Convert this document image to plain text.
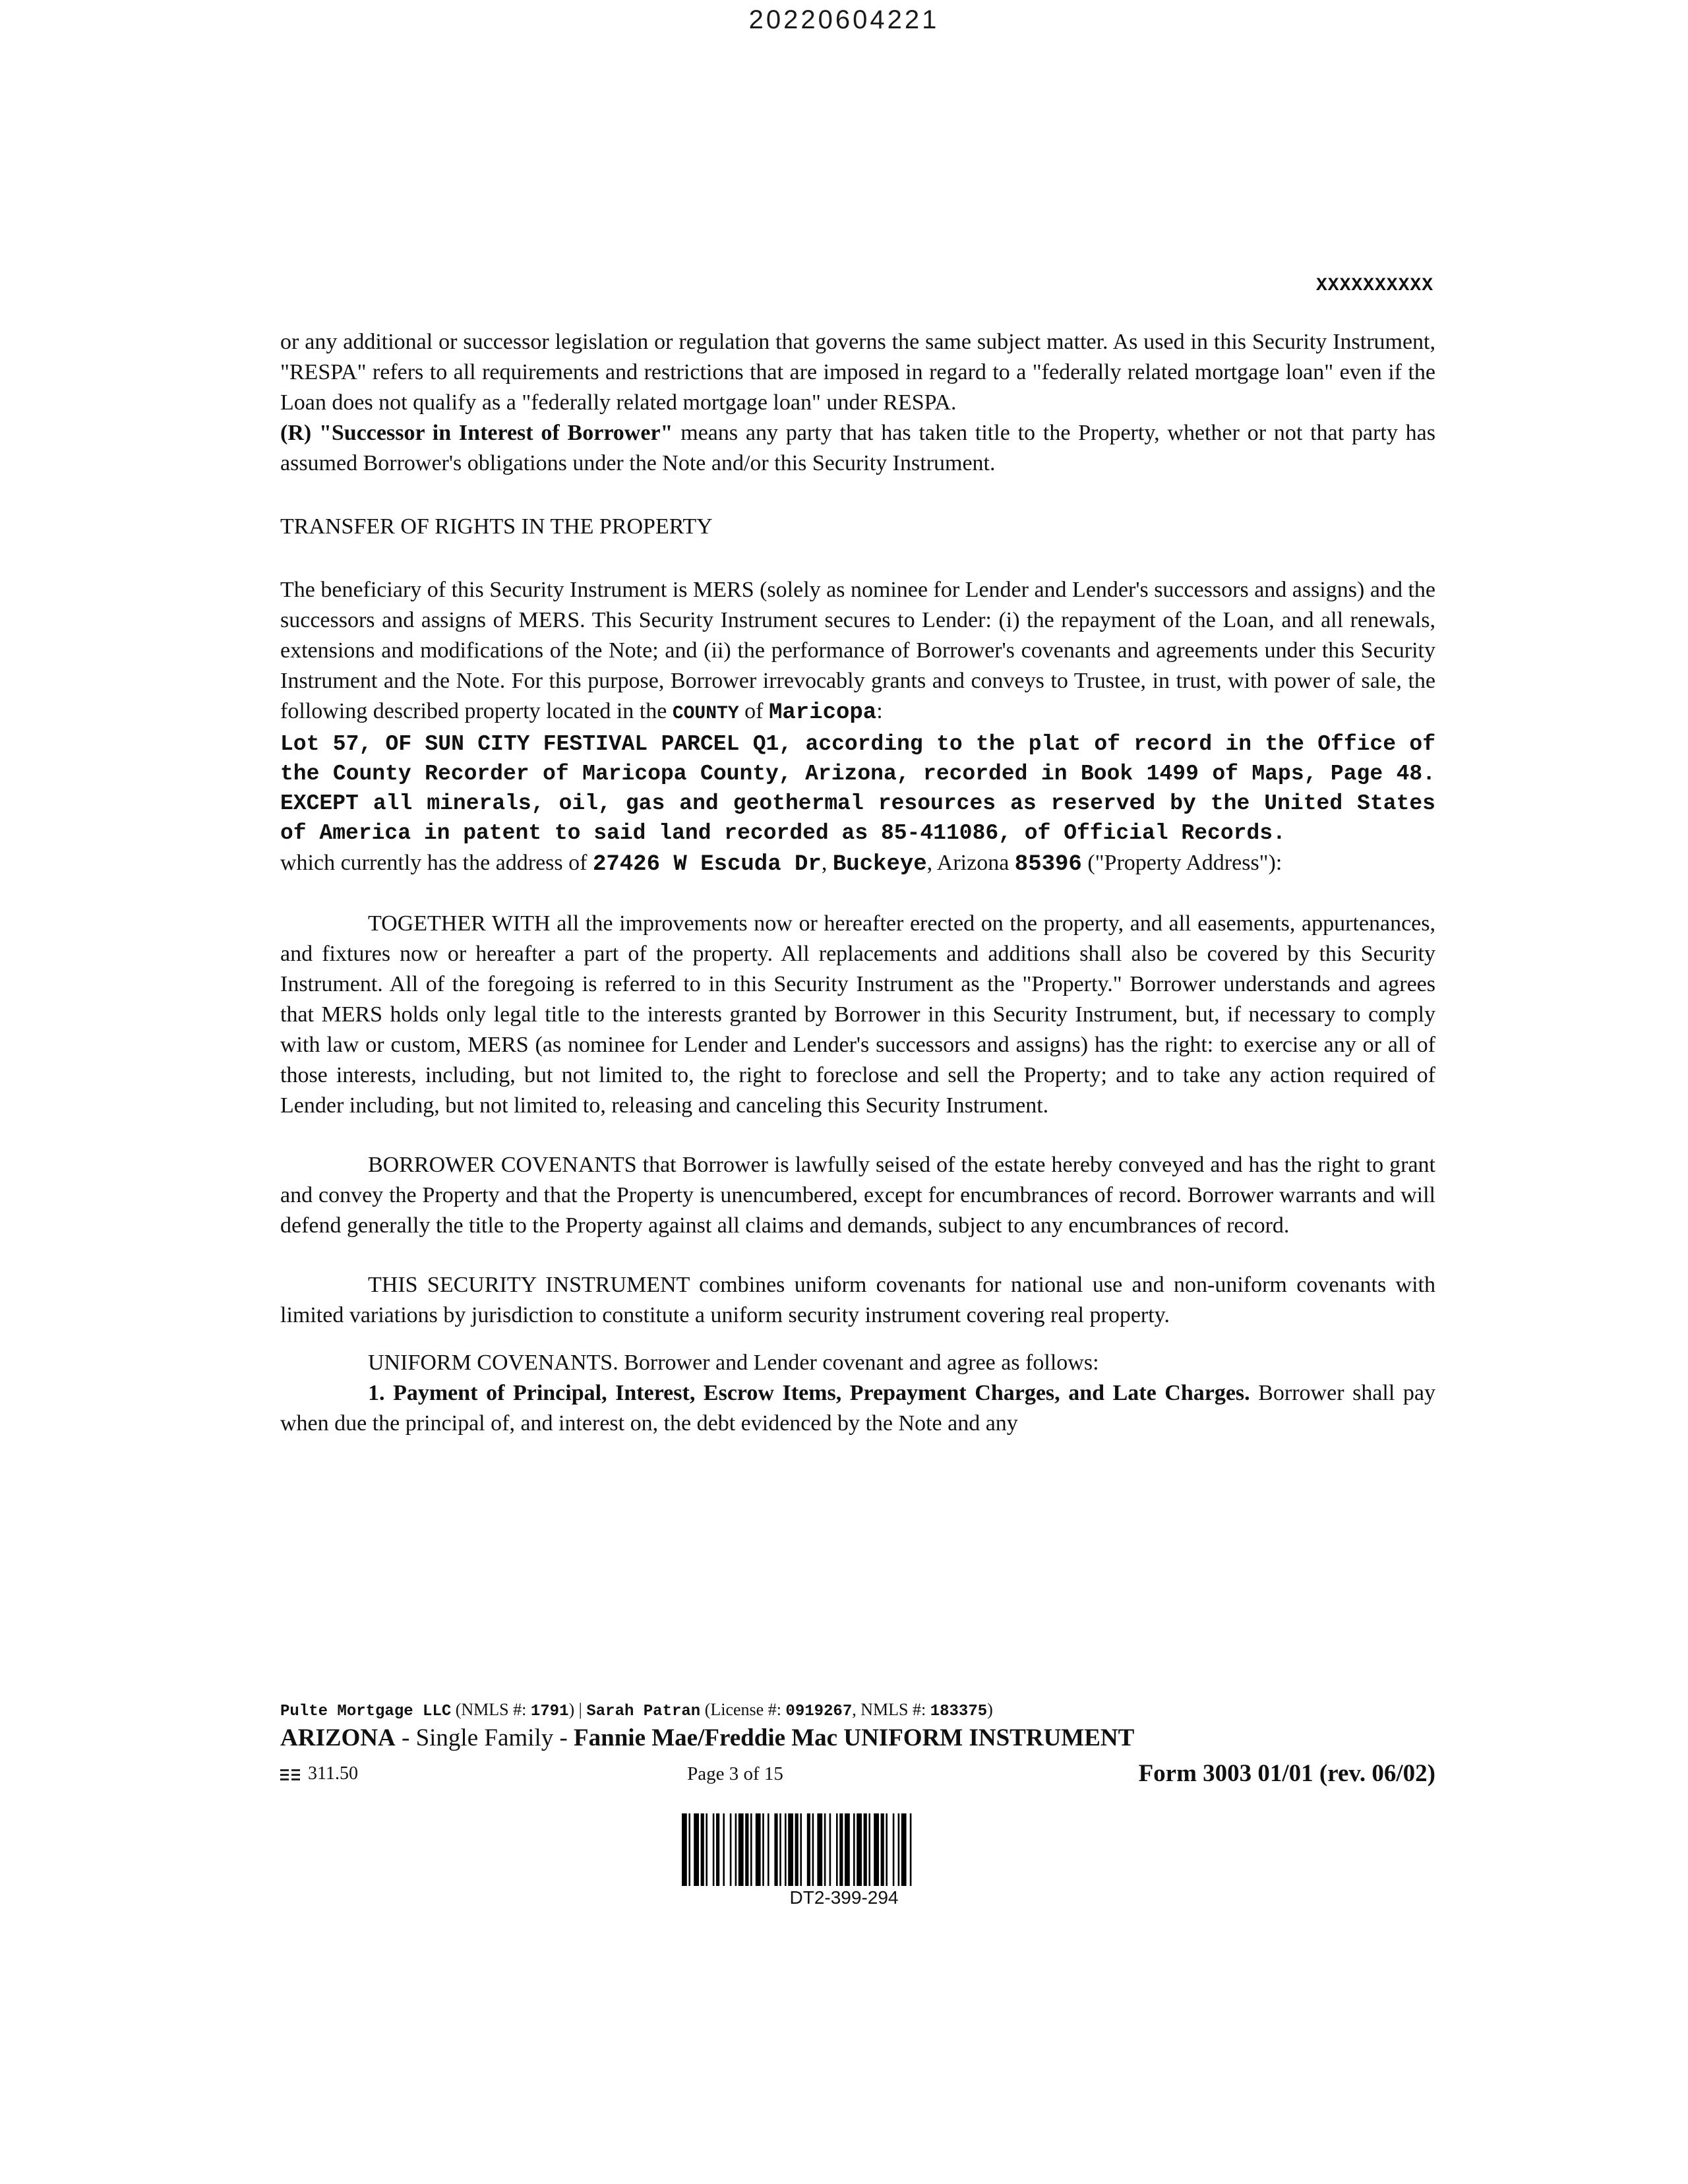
20220604221
XXXXXXXXXX

or any additional or successor legislation or regulation that governs the same subject matter. As used in this Security Instrument, "RESPA" refers to all requirements and restrictions that are imposed in regard to a "federally related mortgage loan" even if the Loan does not qualify as a "federally related mortgage loan" under RESPA.

(R) "Successor in Interest of Borrower" means any party that has taken title to the Property, whether or not that party has assumed Borrower's obligations under the Note and/or this Security Instrument.

TRANSFER OF RIGHTS IN THE PROPERTY

The beneficiary of this Security Instrument is MERS (solely as nominee for Lender and Lender's successors and assigns) and the successors and assigns of MERS. This Security Instrument secures to Lender: (i) the repayment of the Loan, and all renewals, extensions and modifications of the Note; and (ii) the performance of Borrower's covenants and agreements under this Security Instrument and the Note. For this purpose, Borrower irrevocably grants and conveys to Trustee, in trust, with power of sale, the following described property located in the COUNTY of Maricopa:

Lot 57, OF SUN CITY FESTIVAL PARCEL Q1, according to the plat of record in the Office of the County Recorder of Maricopa County, Arizona, recorded in Book 1499 of Maps, Page 48. EXCEPT all minerals, oil, gas and geothermal resources as reserved by the United States of America in patent to said land recorded as 85-411086, of Official Records.

which currently has the address of 27426 W Escuda Dr, Buckeye, Arizona 85396 ("Property Address"):

TOGETHER WITH all the improvements now or hereafter erected on the property, and all easements, appurtenances, and fixtures now or hereafter a part of the property. All replacements and additions shall also be covered by this Security Instrument. All of the foregoing is referred to in this Security Instrument as the "Property." Borrower understands and agrees that MERS holds only legal title to the interests granted by Borrower in this Security Instrument, but, if necessary to comply with law or custom, MERS (as nominee for Lender and Lender's successors and assigns) has the right: to exercise any or all of those interests, including, but not limited to, the right to foreclose and sell the Property; and to take any action required of Lender including, but not limited to, releasing and canceling this Security Instrument.

BORROWER COVENANTS that Borrower is lawfully seised of the estate hereby conveyed and has the right to grant and convey the Property and that the Property is unencumbered, except for encumbrances of record. Borrower warrants and will defend generally the title to the Property against all claims and demands, subject to any encumbrances of record.

THIS SECURITY INSTRUMENT combines uniform covenants for national use and non-uniform covenants with limited variations by jurisdiction to constitute a uniform security instrument covering real property.

UNIFORM COVENANTS. Borrower and Lender covenant and agree as follows:

1. Payment of Principal, Interest, Escrow Items, Prepayment Charges, and Late Charges. Borrower shall pay when due the principal of, and interest on, the debt evidenced by the Note and any

Pulte Mortgage LLC (NMLS #: 1791) | Sarah Patran (License #: 0919267, NMLS #: 183375)
ARIZONA - Single Family - Fannie Mae/Freddie Mac UNIFORM INSTRUMENT
311.50	Page 3 of 15	Form 3003 01/01 (rev. 06/02)
DT2-399-294
